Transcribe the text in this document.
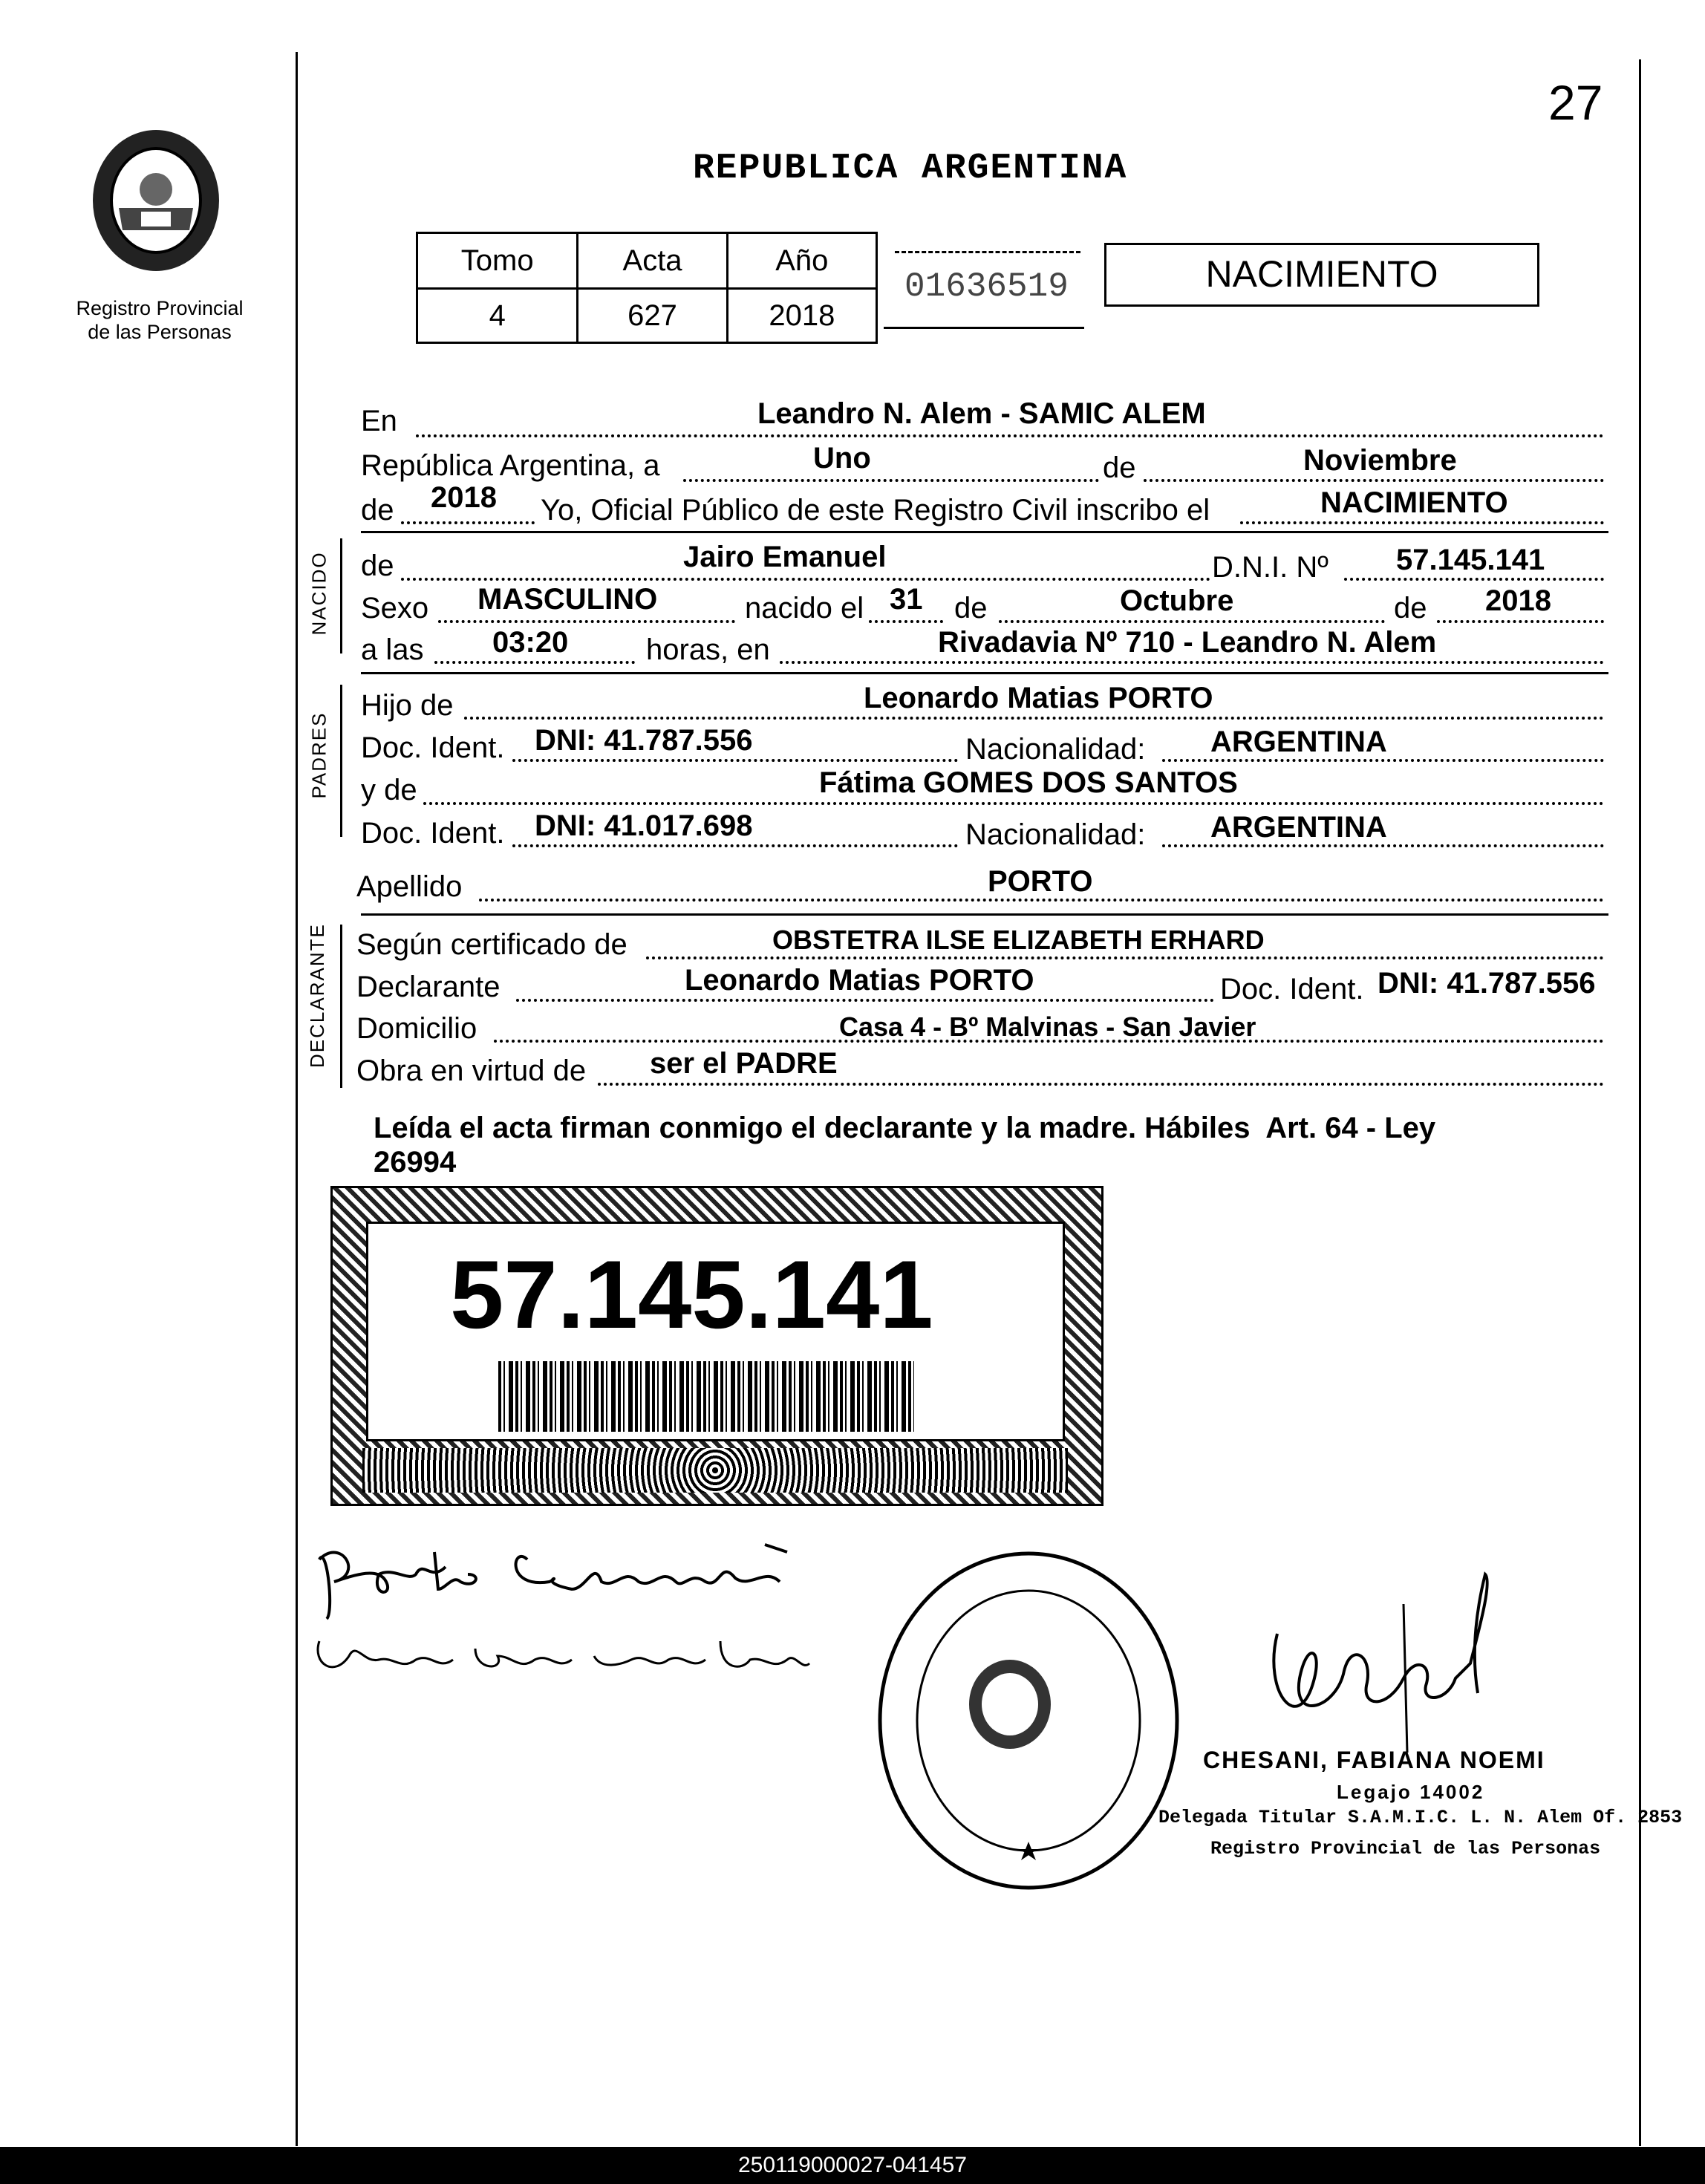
27
Registro Provincial
de las Personas
REPUBLICA ARGENTINA
Tomo	Acta	Año
4	627	2018
01636519	NACIMIENTO
En	Leandro N. Alem - SAMIC ALEM
República Argentina, a	Uno	de	Noviembre
de 2018 Yo, Oficial Público de este Registro Civil inscribo el	NACIMIENTO
NACIDO de	Jairo Emanuel	D.N.I. Nº 57.145.141
Sexo MASCULINO	nacido el 31 de	Octubre	de 2018
a las 03:20	horas, en	Rivadavia Nº 710 - Leandro N. Alem
PADRES
Hijo de	Leonardo Matias PORTO
Doc. Ident. DNI: 41.787.556	Nacionalidad: ARGENTINA
y de	Fátima GOMES DOS SANTOS
Doc. Ident. DNI: 41.017.698	Nacionalidad: ARGENTINA
Apellido	PORTO
DECLARANTE Según certificado de	OBSTETRA ILSE ELIZABETH ERHARD
Declarante	Leonardo Matias PORTO	Doc. Ident. DNI: 41.787.556
Domicilio	Casa 4 - Bº Malvinas - San Javier
Obra en virtud de ser el PADRE
Leída el acta firman conmigo el declarante y la madre. Hábiles  Art. 64 - Ley
26994
57.145.141
CHESANI, FABIANA NOEMI
Legajo 14002
Delegada Titular S.A.M.I.C. L. N. Alem Of. 2853
Registro Provincial de las Personas
250119000027-041457
